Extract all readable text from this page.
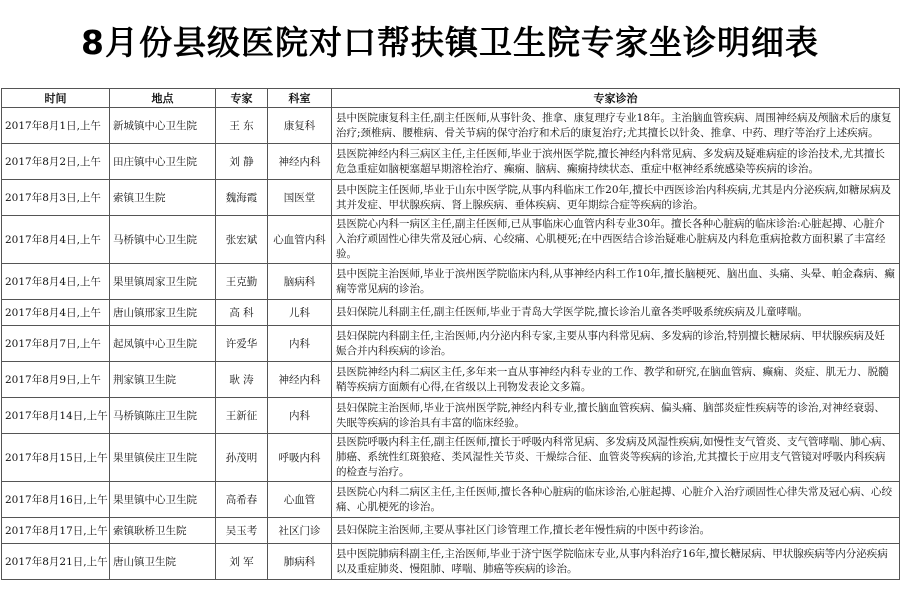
8月份县级医院对口帮扶镇卫生院专家坐诊明细表
时间	地点	专家	科室	专家诊治
2017年8月1日,上午	新城镇中心卫生院	王 东	康复科	县中医院康复科主任,副主任医师,从事针灸、推拿、康复理疗专业18年。主治脑血管疾病、周围神经病及颅脑术后的康复治疗;颈椎病、腰椎病、骨关节病的保守治疗和术后的康复治疗;尤其擅长以针灸、推拿、中药、理疗等治疗上述疾病。
2017年8月2日,上午	田庄镇中心卫生院	刘 静	神经内科	县医院神经内科三病区主任,主任医师,毕业于滨州医学院,擅长神经内科常见病、多发病及疑难病症的诊治技术,尤其擅长危急重症如脑梗塞超早期溶栓治疗、癫痫、脑病、癫痫持续状态、重症中枢神经系统感染等疾病的诊治。
2017年8月3日,上午	索镇卫生院	魏海霞	国医堂	县中医院主任医师,毕业于山东中医学院,从事内科临床工作20年,擅长中西医诊治内科疾病,尤其是内分泌疾病,如糖尿病及其并发症、甲状腺疾病、肾上腺疾病、垂体疾病、更年期综合症等疾病的诊治。
2017年8月4日,上午	马桥镇中心卫生院	张宏斌	心血管内科	县医院心内科一病区主任,副主任医师,已从事临床心血管内科专业30年。擅长各种心脏病的临床诊治:心脏起搏、心脏介入治疗顽固性心律失常及冠心病、心绞痛、心肌梗死;在中西医结合诊治疑难心脏病及内科危重病抢救方面积累了丰富经验。
2017年8月4日,上午	果里镇周家卫生院	王克勤	脑病科	县中医院主治医师,毕业于滨州医学院临床内科,从事神经内科工作10年,擅长脑梗死、脑出血、头痛、头晕、帕金森病、癫痫等常见病的诊治。
2017年8月4日,上午	唐山镇邢家卫生院	高 科	儿科	县妇保院儿科副主任,副主任医师,毕业于青岛大学医学院,擅长诊治儿童各类呼吸系统疾病及儿童哮喘。
2017年8月7日,上午	起凤镇中心卫生院	许爱华	内科	县妇保院内科副主任,主治医师,内分泌内科专家,主要从事内科常见病、多发病的诊治,特别擅长糖尿病、甲状腺疾病及妊娠合并内科疾病的诊治。
2017年8月9日,上午	荆家镇卫生院	耿 涛	神经内科	县医院神经内科二病区主任,多年来一直从事神经内科专业的工作、教学和研究,在脑血管病、癫痫、炎症、肌无力、脱髓鞘等疾病方面颇有心得,在省级以上刊物发表论文多篇。
2017年8月14日,上午	马桥镇陈庄卫生院	王新征	内科	县妇保院主治医师,毕业于滨州医学院,神经内科专业,擅长脑血管疾病、偏头痛、脑部炎症性疾病等的诊治,对神经衰弱、失眠等疾病的诊治具有丰富的临床经验。
2017年8月15日,上午	果里镇侯庄卫生院	孙茂明	呼吸内科	县医院呼吸内科主任,副主任医师,擅长于呼吸内科常见病、多发病及风湿性疾病,如慢性支气管炎、支气管哮喘、肺心病、肺癌、系统性红斑狼疮、类风湿性关节炎、干燥综合征、血管炎等疾病的诊治,尤其擅长于应用支气管镜对呼吸内科疾病的检查与治疗。
2017年8月16日,上午	果里镇中心卫生院	高希春	心血管	县医院心内科二病区主任,主任医师,擅长各种心脏病的临床诊治,心脏起搏、心脏介入治疗顽固性心律失常及冠心病、心绞痛、心肌梗死的诊治。
2017年8月17日,上午	索镇耿桥卫生院	吴玉考	社区门诊	县妇保院主治医师,主要从事社区门诊管理工作,擅长老年慢性病的中医中药诊治。
2017年8月21日,上午	唐山镇卫生院	刘 军	肺病科	县中医院肺病科副主任,主治医师,毕业于济宁医学院临床专业,从事内科治疗16年,擅长糖尿病、甲状腺疾病等内分泌疾病以及重症肺炎、慢阻肺、哮喘、肺癌等疾病的诊治。
